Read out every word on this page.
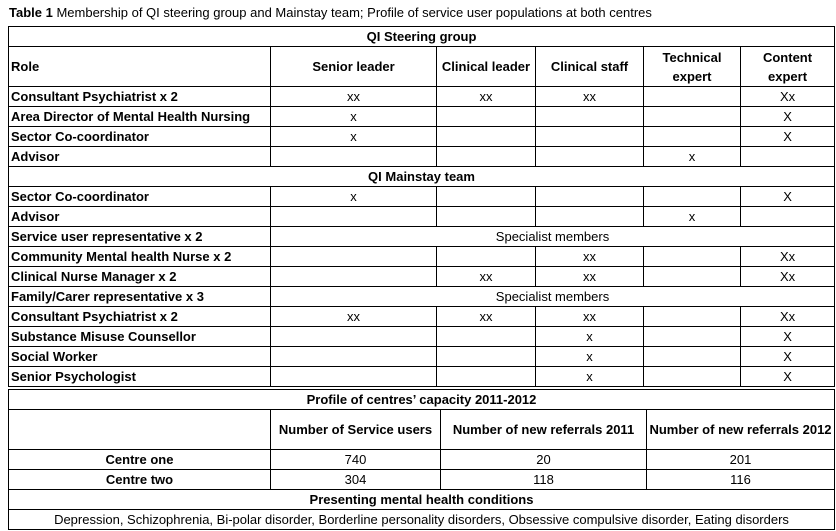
Table 1 Membership of QI steering group and Mainstay team; Profile of service user populations at both centres
QI Steering group					
Role	Senior leader	Clinical leader	Clinical staff	Technical expert	Content expert
Consultant Psychiatrist x 2	xx	xx	xx		Xx
Area Director of Mental Health Nursing	x				X
Sector Co-coordinator	x				X
Advisor				x	
QI Mainstay team					
Sector Co-coordinator	x				X
Advisor				x	
Service user representative x 2	Specialist members				
Community Mental health Nurse x 2			xx		Xx
Clinical Nurse Manager x 2		xx	xx		Xx
Family/Carer representative x 3	Specialist members				
Consultant Psychiatrist x 2	xx	xx	xx		Xx
Substance Misuse Counsellor			x		X
Social Worker			x		X
Senior Psychologist			x		X
Profile of centres’ capacity 2011-2012			
	Number of Service users	Number of new referrals 2011	Number of new referrals 2012
Centre one	740	20	201
Centre two	304	118	116
Presenting mental health conditions			
Depression, Schizophrenia, Bi-polar disorder, Borderline personality disorders, Obsessive compulsive disorder, Eating disorders			
